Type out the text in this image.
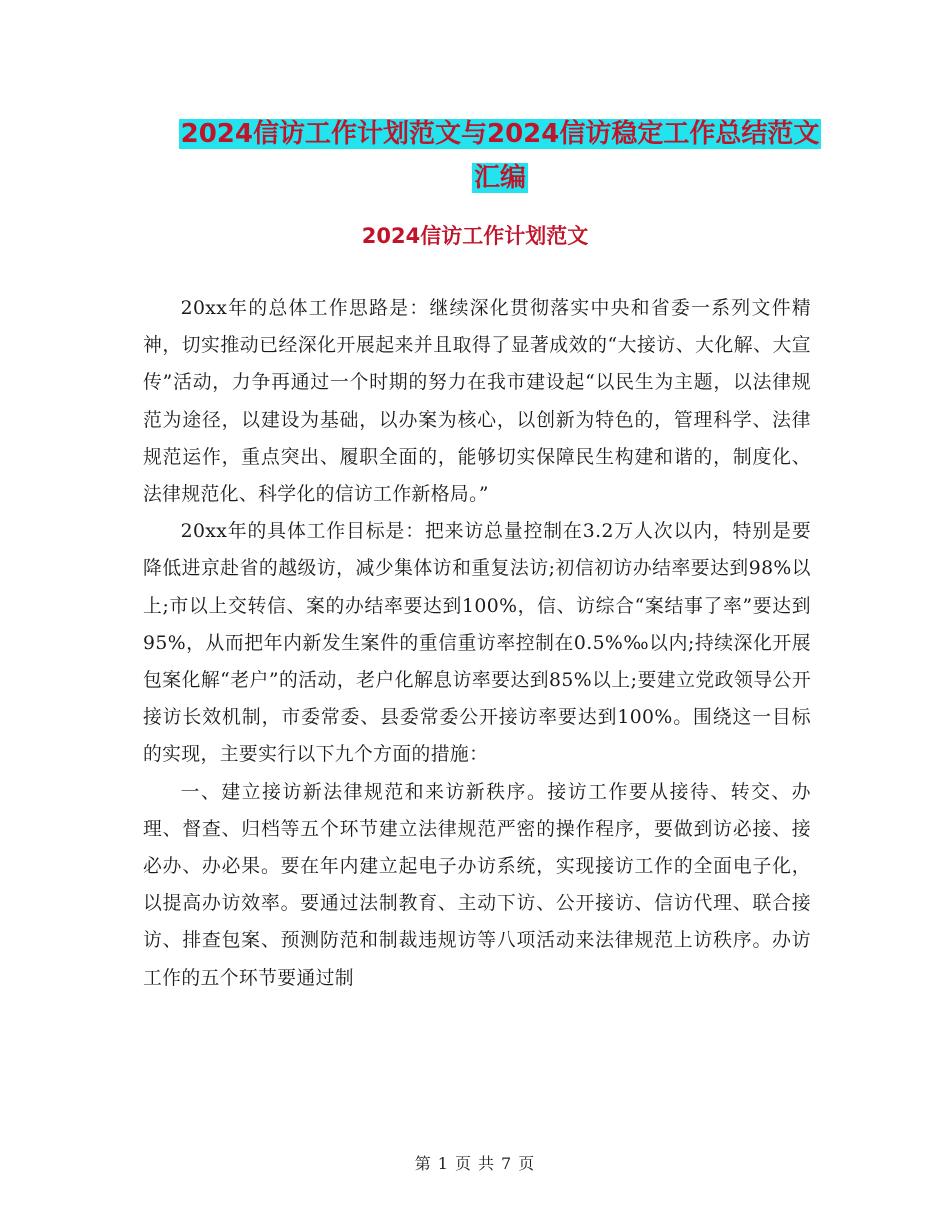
2024信访工作计划范文与2024信访稳定工作总结范文
汇编
2024信访工作计划范文

20xx年的总体工作思路是：继续深化贯彻落实中央和省委一系列文件精神，切实推动已经深化开展起来并且取得了显著成效的“大接访、大化解、大宣传”活动，力争再通过一个时期的努力在我市建设起“以民生为主题，以法律规范为途径，以建设为基础，以办案为核心，以创新为特色的，管理科学、法律规范运作，重点突出、履职全面的，能够切实保障民生构建和谐的，制度化、法律规范化、科学化的信访工作新格局。”

20xx年的具体工作目标是：把来访总量控制在3.2万人次以内，特别是要降低进京赴省的越级访，减少集体访和重复法访;初信初访办结率要达到98%以上;市以上交转信、案的办结率要达到100%，信、访综合“案结事了率”要达到95%，从而把年内新发生案件的重信重访率控制在0.5%‰以内;持续深化开展包案化解“老户”的活动，老户化解息访率要达到85%以上;要建立党政领导公开接访长效机制，市委常委、县委常委公开接访率要达到100%。围绕这一目标的实现，主要实行以下九个方面的措施：

一、建立接访新法律规范和来访新秩序。接访工作要从接待、转交、办理、督查、归档等五个环节建立法律规范严密的操作程序，要做到访必接、接必办、办必果。要在年内建立起电子办访系统，实现接访工作的全面电子化，以提高办访效率。要通过法制教育、主动下访、公开接访、信访代理、联合接访、排查包案、预测防范和制裁违规访等八项活动来法律规范上访秩序。办访工作的五个环节要通过制

第 1 页 共 7 页
